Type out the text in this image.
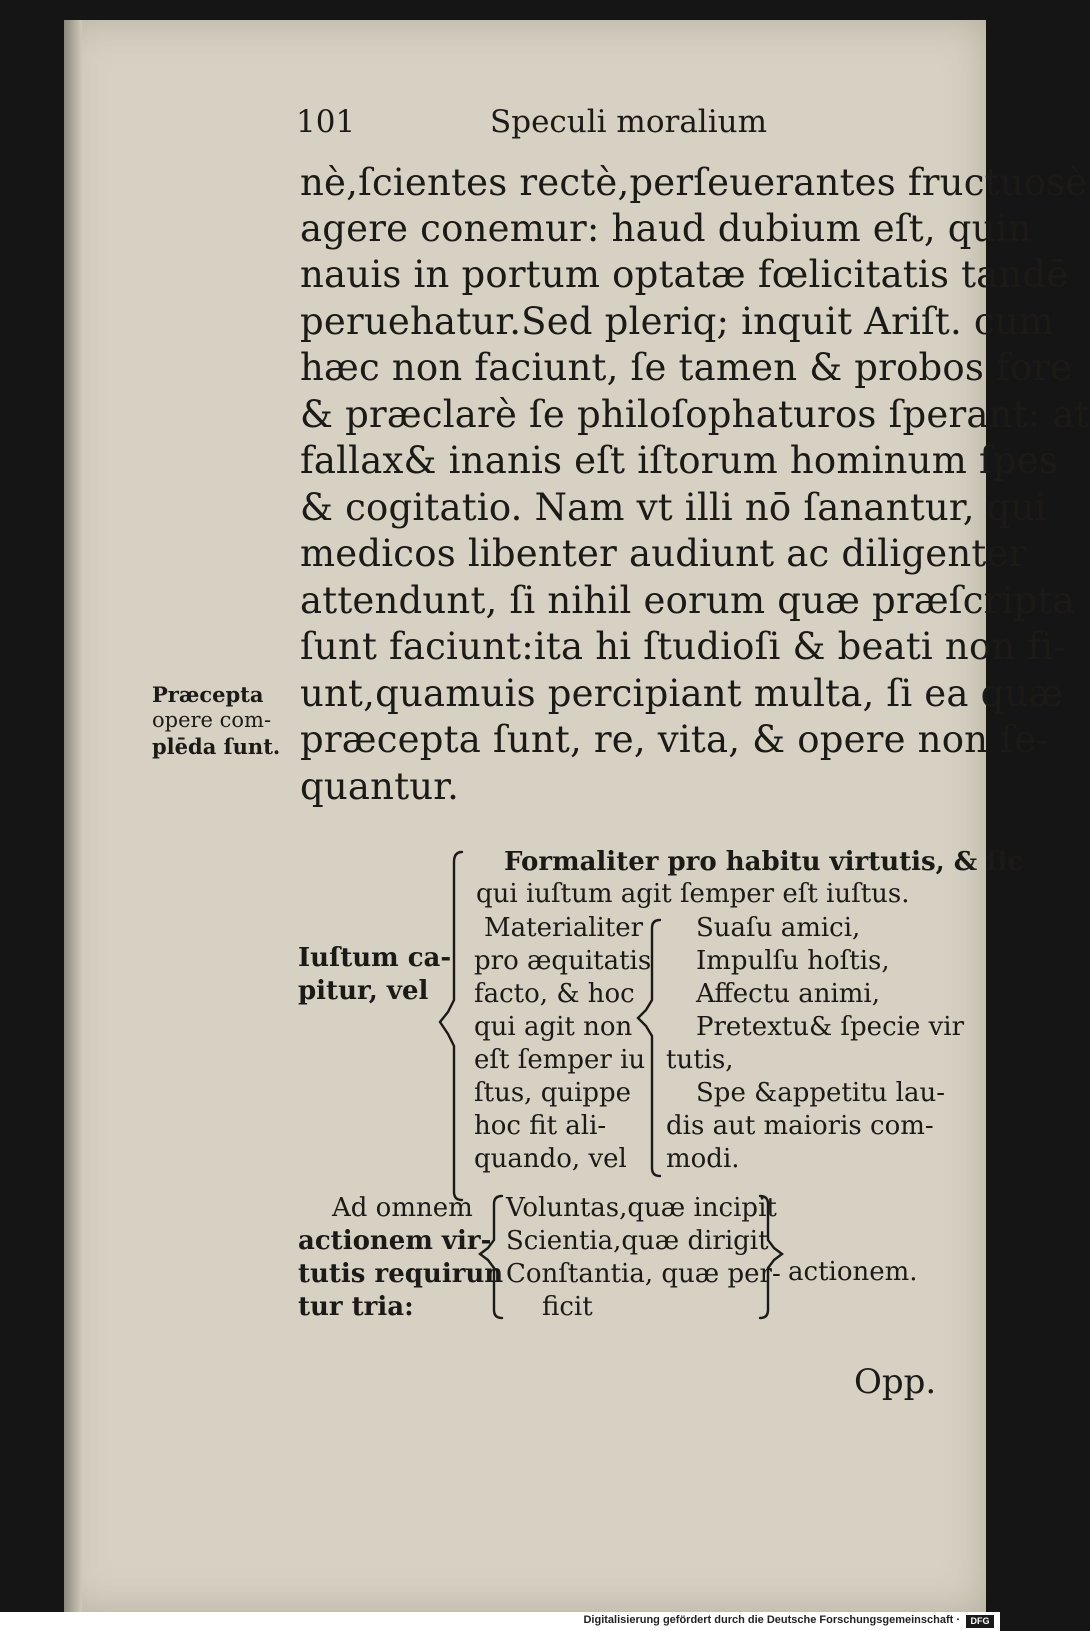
101	Speculi moralium
nè,ſcientes rectè,perſeuerantes fructuosè
agere conemur: haud dubium eſt, quin
nauis in portum optatæ fœlicitatis tandē
peruehatur.Sed pleriq; inquit Ariſt. cum
hæc non faciunt, ſe tamen & probos fore
& præclarè ſe philoſophaturos ſperant: at
fallax& inanis eſt iſtorum hominum ſpes
& cogitatio. Nam vt illi nō ſanantur, qui
medicos libenter audiunt ac diligenter
attendunt, ſi nihil eorum quæ præſcripta
ſunt faciunt:ita hi ſtudioſi & beati non fi-
unt,quamuis percipiant multa, ſi ea quæ
præcepta ſunt, re, vita, & opere non ſe-
quantur.
Præcepta
opere com-
plēda ſunt.
Iuſtum ca-
pitur, vel
Formaliter pro habitu virtutis, & ſic
qui iuſtum agit ſemper eſt iuſtus.
Materialiter
pro æquitatis
facto, & hoc
qui agit non
eſt ſemper iu
ſtus, quippe
hoc fit ali-
quando, vel
Suaſu amici,
Impulſu hoſtis,
Affectu animi,
Pretextu& ſpecie vir
tutis,
Spe &appetitu lau-
dis aut maioris com-
modi.
Ad omnem
actionem vir-
tutis requirun
tur tria:
Voluntas,quæ incipit
Scientia,quæ dirigit
Conſtantia, quæ per-
ficit
actionem.
Opp.
Digitalisierung gefördert durch die Deutsche Forschungsgemeinschaft ·	DFG
